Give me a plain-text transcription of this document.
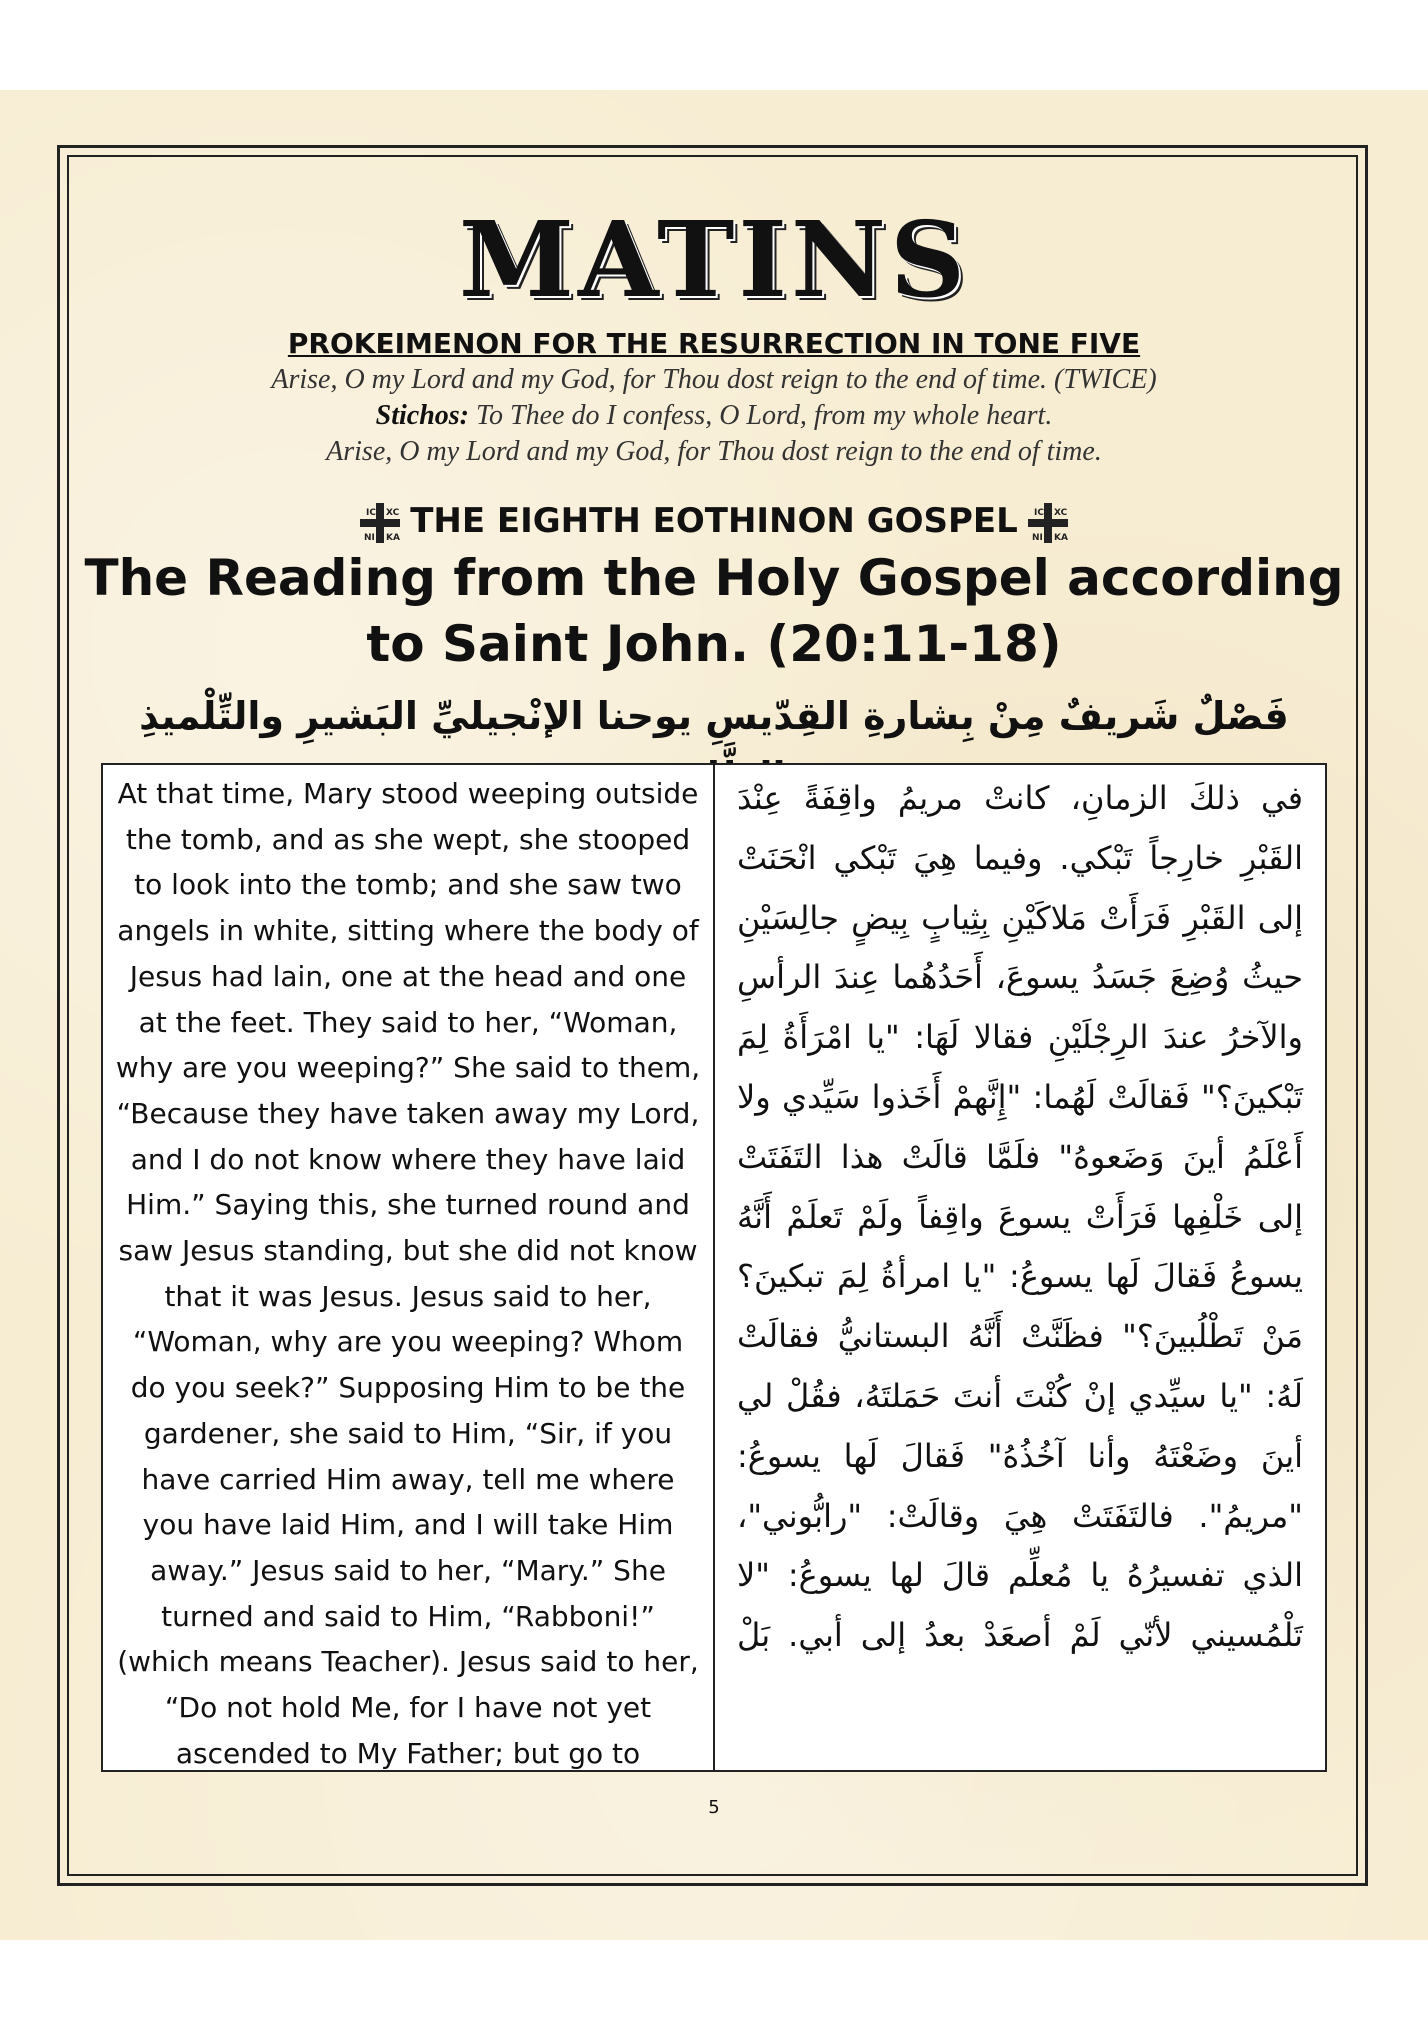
MATINS
PROKEIMENON FOR THE RESURRECTION IN TONE FIVE
Arise, O my Lord and my God, for Thou dost reign to the end of time. (TWICE)
Stichos: To Thee do I confess, O Lord, from my whole heart.
Arise, O my Lord and my God, for Thou dost reign to the end of time.
IC XC
NI KA THE EIGHTH EOTHINON GOSPEL IC XC
NI KA
The Reading from the Holy Gospel according to Saint John. (20:11-18)
فَصْلٌ شَريفٌ مِنْ بِشارةِ القِدّيسِ يوحنا الإنْجيليِّ البَشيرِ والتِّلْميذِ
At that time, Mary stood weeping outside the tomb, and as she wept, she stooped to look into the tomb; and she saw two angels in white, sitting where the body of Jesus had lain, one at the head and one at the feet. They said to her, “Woman, why are you weeping?” She said to them, “Because they have taken away my Lord, and I do not know where they have laid Him.” Saying this, she turned round and saw Jesus standing, but she did not know that it was Jesus. Jesus said to her, “Woman, why are you weeping? Whom do you seek?” Supposing Him to be the gardener, she said to Him, “Sir, if you have carried Him away, tell me where you have laid Him, and I will take Him away.” Jesus said to her, “Mary.” She turned and said to Him, “Rabboni!” (which means Teacher). Jesus said to her, “Do not hold Me, for I have not yet ascended to My Father; but go to
في ذلكَ الزمانِ، كانتْ مريمُ واقِفَةً عِنْدَ القَبْرِ خارِجاً تَبْكي. وفيما هِيَ تَبْكي انْحَنَتْ إلى القَبْرِ فَرَأَتْ مَلاكَيْنِ بِثِيابٍ بِيضٍ جالِسَيْنِ حيثُ وُضِعَ جَسَدُ يسوعَ، أَحَدُهُما عِندَ الرأسِ والآخرُ عندَ الرِجْلَيْنِ فقالا لَهَا: "يا امْرَأَةُ لِمَ تَبْكينَ؟" فَقالَتْ لَهُما: "إِنَّهمْ أَخَذوا سَيِّدي ولا أَعْلَمُ أينَ وَضَعوهُ" فلَمَّا قالَتْ هذا التَفَتَتْ إلى خَلْفِها فَرَأَتْ يسوعَ واقِفاً ولَمْ تَعلَمْ أَنَّهُ يسوعُ فَقالَ لَها يسوعُ: "يا امرأةُ لِمَ تبكينَ؟ مَنْ تَطْلُبينَ؟" فظَنَّتْ أَنَّهُ البستانيُّ فقالَتْ لَهُ: "يا سيِّدي إنْ كُنْتَ أنتَ حَمَلتَهُ، فقُلْ لي أينَ وضَعْتَهُ وأنا آخُذُهُ" فَقالَ لَها يسوعُ: "مريمُ". فالتَفَتَتْ هِيَ وقالَتْ: "رابُّوني"، الذي تفسيرُهُ يا مُعلِّم قالَ لها يسوعُ: "لا تَلْمُسيني لأنّي لَمْ أصعَدْ بعدُ إلى أبي. بَلْ
5
